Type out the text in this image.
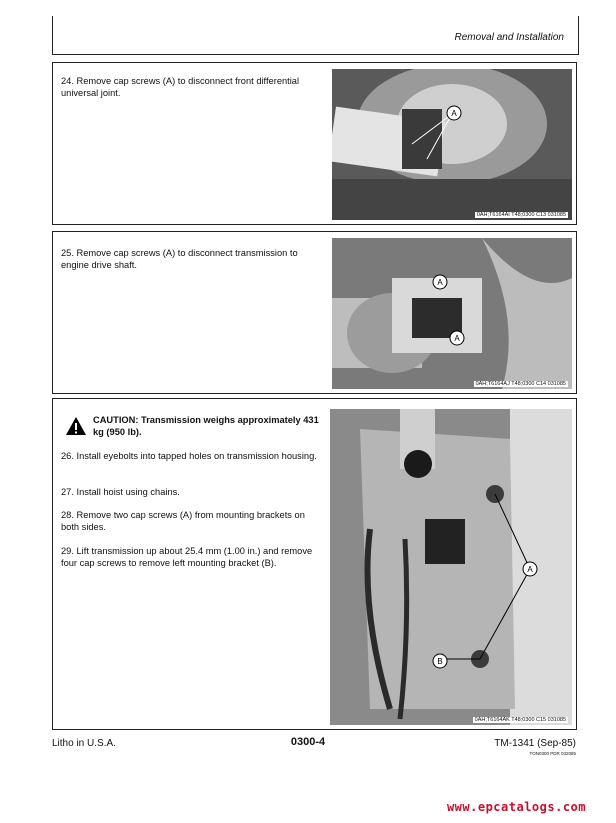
Removal and Installation

24. Remove cap screws (A) to disconnect front differential universal joint.

A
0AH;T6164AI T48;0300 C13 031085

25. Remove cap screws (A) to disconnect transmission to engine drive shaft.

A
A
0AH;T6164AJ T48;0300 C14 031085

CAUTION: Transmission weighs approximately 431 kg (950 lb).

26. Install eyebolts into tapped holes on transmission housing.

27. Install hoist using chains.

28. Remove two cap screws (A) from mounting brackets on both sides.

29. Lift transmission up about 25.4 mm (1.00 in.) and remove four cap screws to remove left mounting bracket (B).

A
B
0AH;T6164AK T48;0300 C15 031085
Litho in U.S.A.	0300-4	TM-1341 (Sep-85)
TON0300 PDR 032085
www.epcatalogs.com
